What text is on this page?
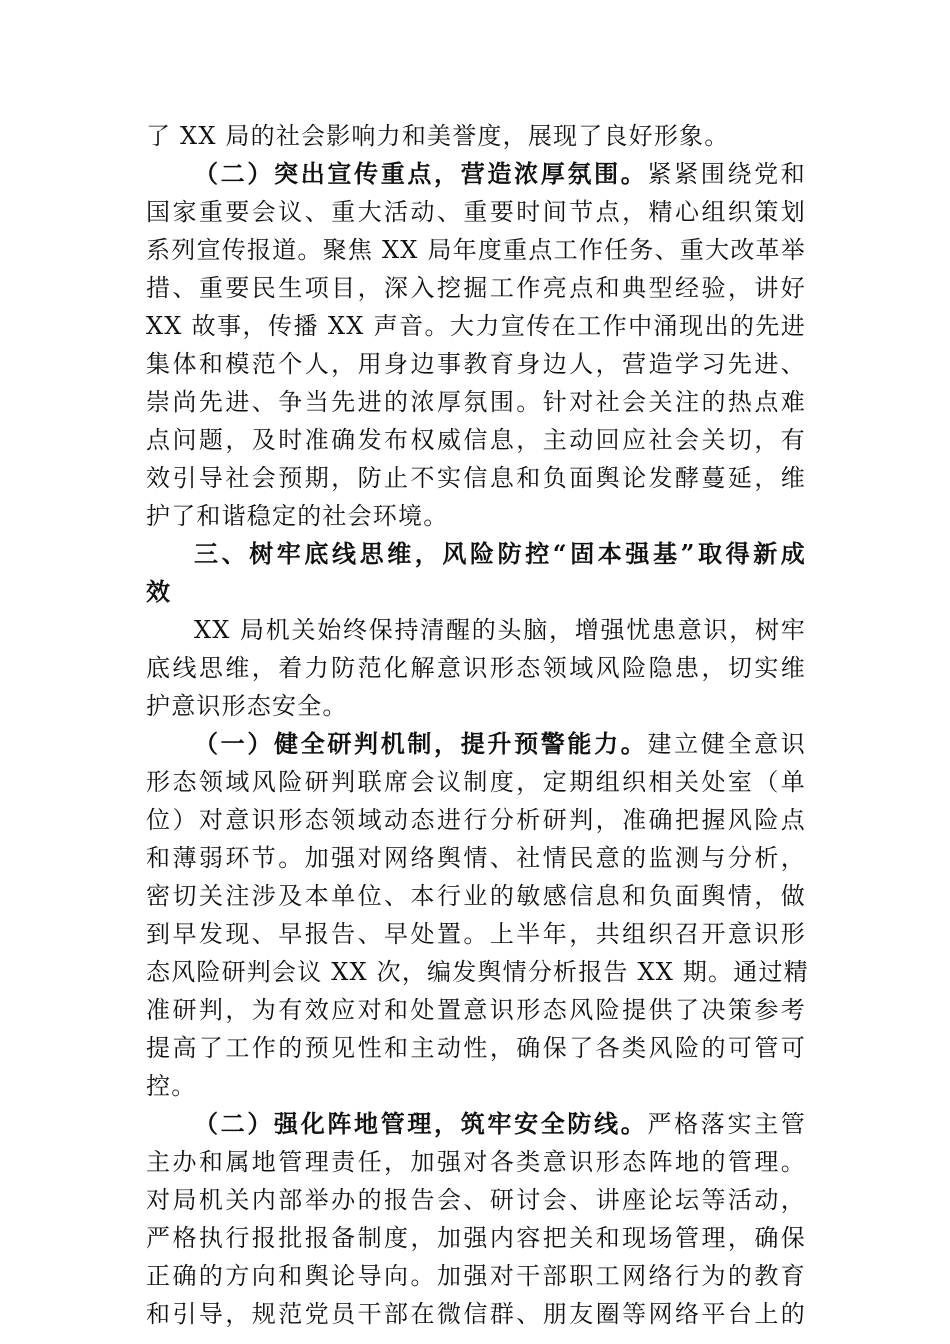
了 XX 局的社会影响力和美誉度，展现了良好形象。
（二）突出宣传重点，营造浓厚氛围。紧紧围绕党和
国家重要会议、重大活动、重要时间节点，精心组织策划
系列宣传报道。聚焦 XX 局年度重点工作任务、重大改革举
措、重要民生项目，深入挖掘工作亮点和典型经验，讲好
XX 故事，传播 XX 声音。大力宣传在工作中涌现出的先进
集体和模范个人，用身边事教育身边人，营造学习先进、
崇尚先进、争当先进的浓厚氛围。针对社会关注的热点难
点问题，及时准确发布权威信息，主动回应社会关切，有
效引导社会预期，防止不实信息和负面舆论发酵蔓延，维
护了和谐稳定的社会环境。
三、树牢底线思维，风险防控“固本强基”取得新成
效
XX 局机关始终保持清醒的头脑，增强忧患意识，树牢
底线思维，着力防范化解意识形态领域风险隐患，切实维
护意识形态安全。
（一）健全研判机制，提升预警能力。建立健全意识
形态领域风险研判联席会议制度，定期组织相关处室（单
位）对意识形态领域动态进行分析研判，准确把握风险点
和薄弱环节。加强对网络舆情、社情民意的监测与分析，
密切关注涉及本单位、本行业的敏感信息和负面舆情，做
到早发现、早报告、早处置。上半年，共组织召开意识形
态风险研判会议 XX 次，编发舆情分析报告 XX 期。通过精
准研判，为有效应对和处置意识形态风险提供了决策参考
提高了工作的预见性和主动性，确保了各类风险的可管可
控。
（二）强化阵地管理，筑牢安全防线。严格落实主管
主办和属地管理责任，加强对各类意识形态阵地的管理。
对局机关内部举办的报告会、研讨会、讲座论坛等活动，
严格执行报批报备制度，加强内容把关和现场管理，确保
正确的方向和舆论导向。加强对干部职工网络行为的教育
和引导，规范党员干部在微信群、朋友圈等网络平台上的
